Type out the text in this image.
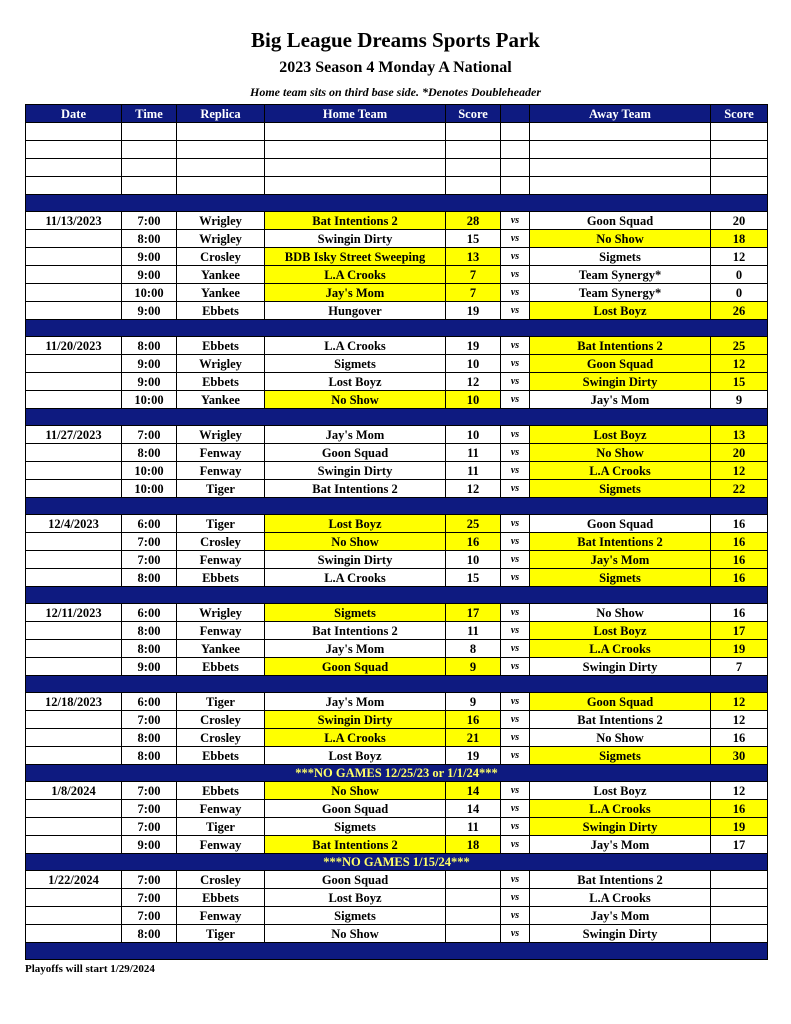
Big League Dreams Sports Park
2023 Season 4 Monday A National
Home team sits on third base side. *Denotes Doubleheader
Date	Time	Replica	Home Team	Score		Away Team	Score

11/13/2023	7:00	Wrigley	Bat Intentions 2	28	vs	Goon Squad	20
	8:00	Wrigley	Swingin Dirty	15	vs	No Show	18
	9:00	Crosley	BDB Isky Street Sweeping	13	vs	Sigmets	12
	9:00	Yankee	L.A Crooks	7	vs	Team Synergy*	0
	10:00	Yankee	Jay's Mom	7	vs	Team Synergy*	0
	9:00	Ebbets	Hungover	19	vs	Lost Boyz	26

11/20/2023	8:00	Ebbets	L.A Crooks	19	vs	Bat Intentions 2	25
	9:00	Wrigley	Sigmets	10	vs	Goon Squad	12
	9:00	Ebbets	Lost Boyz	12	vs	Swingin Dirty	15
	10:00	Yankee	No Show	10	vs	Jay's Mom	9

11/27/2023	7:00	Wrigley	Jay's Mom	10	vs	Lost Boyz	13
	8:00	Fenway	Goon Squad	11	vs	No Show	20
	10:00	Fenway	Swingin Dirty	11	vs	L.A Crooks	12
	10:00	Tiger	Bat Intentions 2	12	vs	Sigmets	22

12/4/2023	6:00	Tiger	Lost Boyz	25	vs	Goon Squad	16
	7:00	Crosley	No Show	16	vs	Bat Intentions 2	16
	7:00	Fenway	Swingin Dirty	10	vs	Jay's Mom	16
	8:00	Ebbets	L.A Crooks	15	vs	Sigmets	16

12/11/2023	6:00	Wrigley	Sigmets	17	vs	No Show	16
	8:00	Fenway	Bat Intentions 2	11	vs	Lost Boyz	17
	8:00	Yankee	Jay's Mom	8	vs	L.A Crooks	19
	9:00	Ebbets	Goon Squad	9	vs	Swingin Dirty	7

12/18/2023	6:00	Tiger	Jay's Mom	9	vs	Goon Squad	12
	7:00	Crosley	Swingin Dirty	16	vs	Bat Intentions 2	12
	8:00	Crosley	L.A Crooks	21	vs	No Show	16
	8:00	Ebbets	Lost Boyz	19	vs	Sigmets	30
***NO GAMES 12/25/23 or 1/1/24***							
1/8/2024	7:00	Ebbets	No Show	14	vs	Lost Boyz	12
	7:00	Fenway	Goon Squad	14	vs	L.A Crooks	16
	7:00	Tiger	Sigmets	11	vs	Swingin Dirty	19
	9:00	Fenway	Bat Intentions 2	18	vs	Jay's Mom	17
***NO GAMES 1/15/24***							
1/22/2024	7:00	Crosley	Goon Squad		vs	Bat Intentions 2	
	7:00	Ebbets	Lost Boyz		vs	L.A Crooks	
	7:00	Fenway	Sigmets		vs	Jay's Mom	
	8:00	Tiger	No Show		vs	Swingin Dirty	

Playoffs will start 1/29/2024
